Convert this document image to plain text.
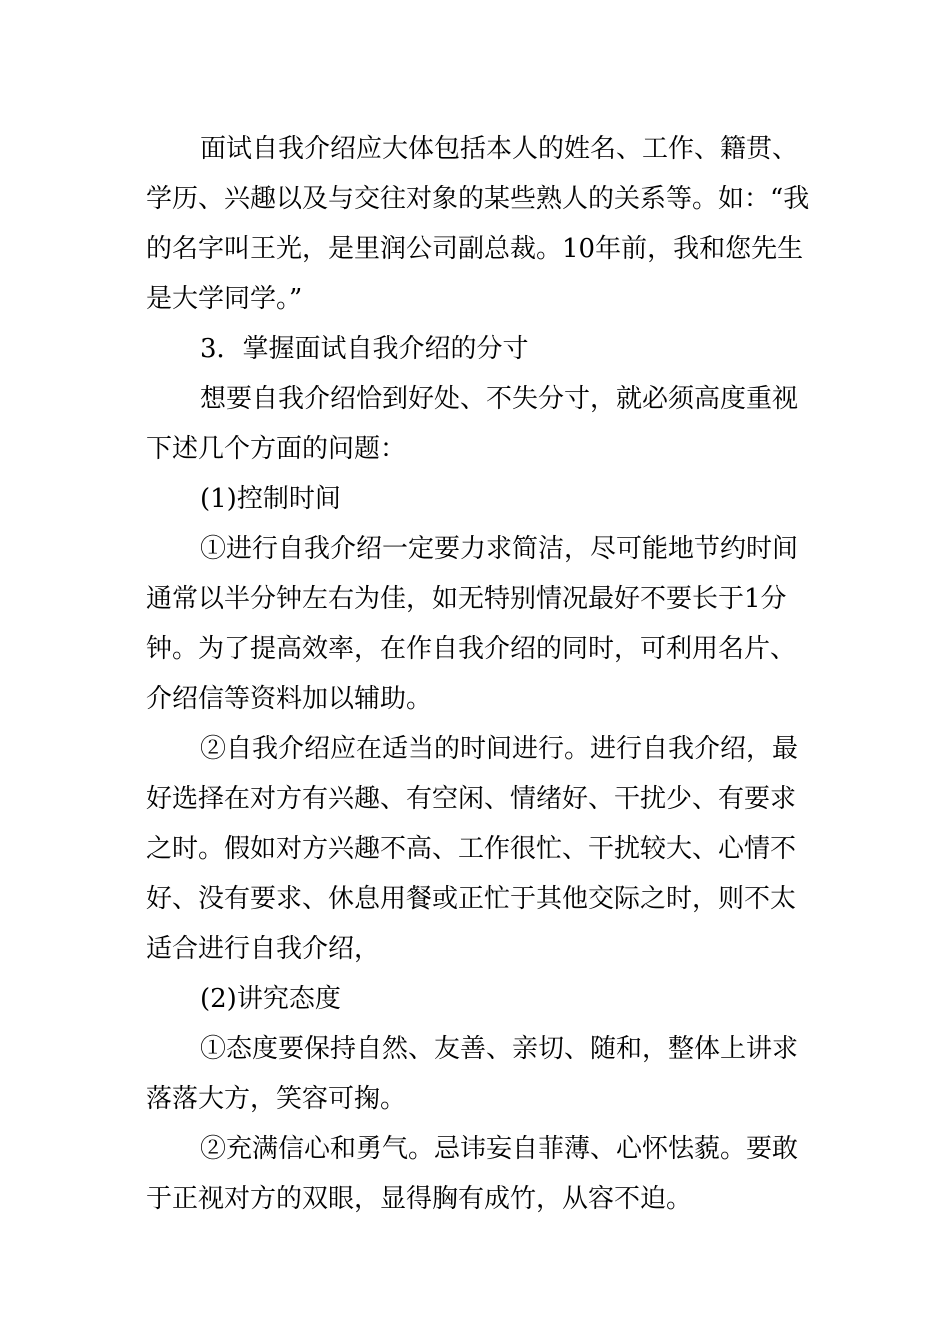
面试自我介绍应大体包括本人的姓名、工作、籍贯、学历、兴趣以及与交往对象的某些熟人的关系等。如：“我的名字叫王光，是里润公司副总裁。10年前，我和您先生是大学同学。”

3．掌握面试自我介绍的分寸

想要自我介绍恰到好处、不失分寸，就必须高度重视下述几个方面的问题：

(1)控制时间

①进行自我介绍一定要力求简洁，尽可能地节约时间通常以半分钟左右为佳，如无特别情况最好不要长于1分钟。为了提高效率，在作自我介绍的同时，可利用名片、介绍信等资料加以辅助。

②自我介绍应在适当的时间进行。进行自我介绍，最好选择在对方有兴趣、有空闲、情绪好、干扰少、有要求之时。假如对方兴趣不高、工作很忙、干扰较大、心情不好、没有要求、休息用餐或正忙于其他交际之时，则不太适合进行自我介绍，

(2)讲究态度

①态度要保持自然、友善、亲切、随和，整体上讲求落落大方，笑容可掬。

②充满信心和勇气。忌讳妄自菲薄、心怀怯藐。要敢于正视对方的双眼，显得胸有成竹，从容不迫。
